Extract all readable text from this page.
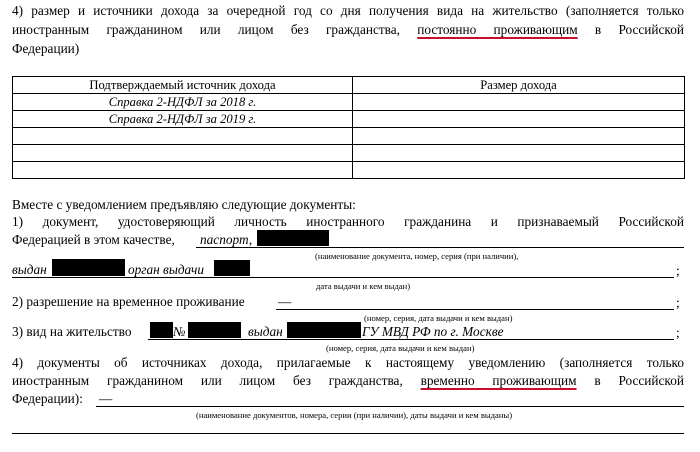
4) размер и источники дохода за очередной год со дня получения вида на жительство (заполняется только
иностранным гражданином или лицом без гражданства, постоянно проживающим в Российской
Федерации)
Подтверждаемый источник дохода	Размер дохода
Справка 2-НДФЛ за 2018 г.	
Справка 2-НДФЛ за 2019 г.	

Вместе с уведомлением предъявляю следующие документы:
1) документ, удостоверяющий личность иностранного гражданина и признаваемый Российской
Федерацией в этом качестве, паспорт,
(наименование документа, номер, серия (при наличии),
выдан	орган выдачи	;
дата выдачи и кем выдан)
2) разрешение на временное проживание	—	;
(номер, серия, дата выдачи и кем выдан)
3) вид на жительство	№	выдан	ГУ МВД РФ по г. Москве	;
(номер, серия, дата выдачи и кем выдан)
4) документы об источниках дохода, прилагаемые к настоящему уведомлению (заполняется только
иностранным гражданином или лицом без гражданства, временно проживающим в Российской
Федерации): —
(наименование документов, номера, серии (при наличии), даты выдачи и кем выданы)
